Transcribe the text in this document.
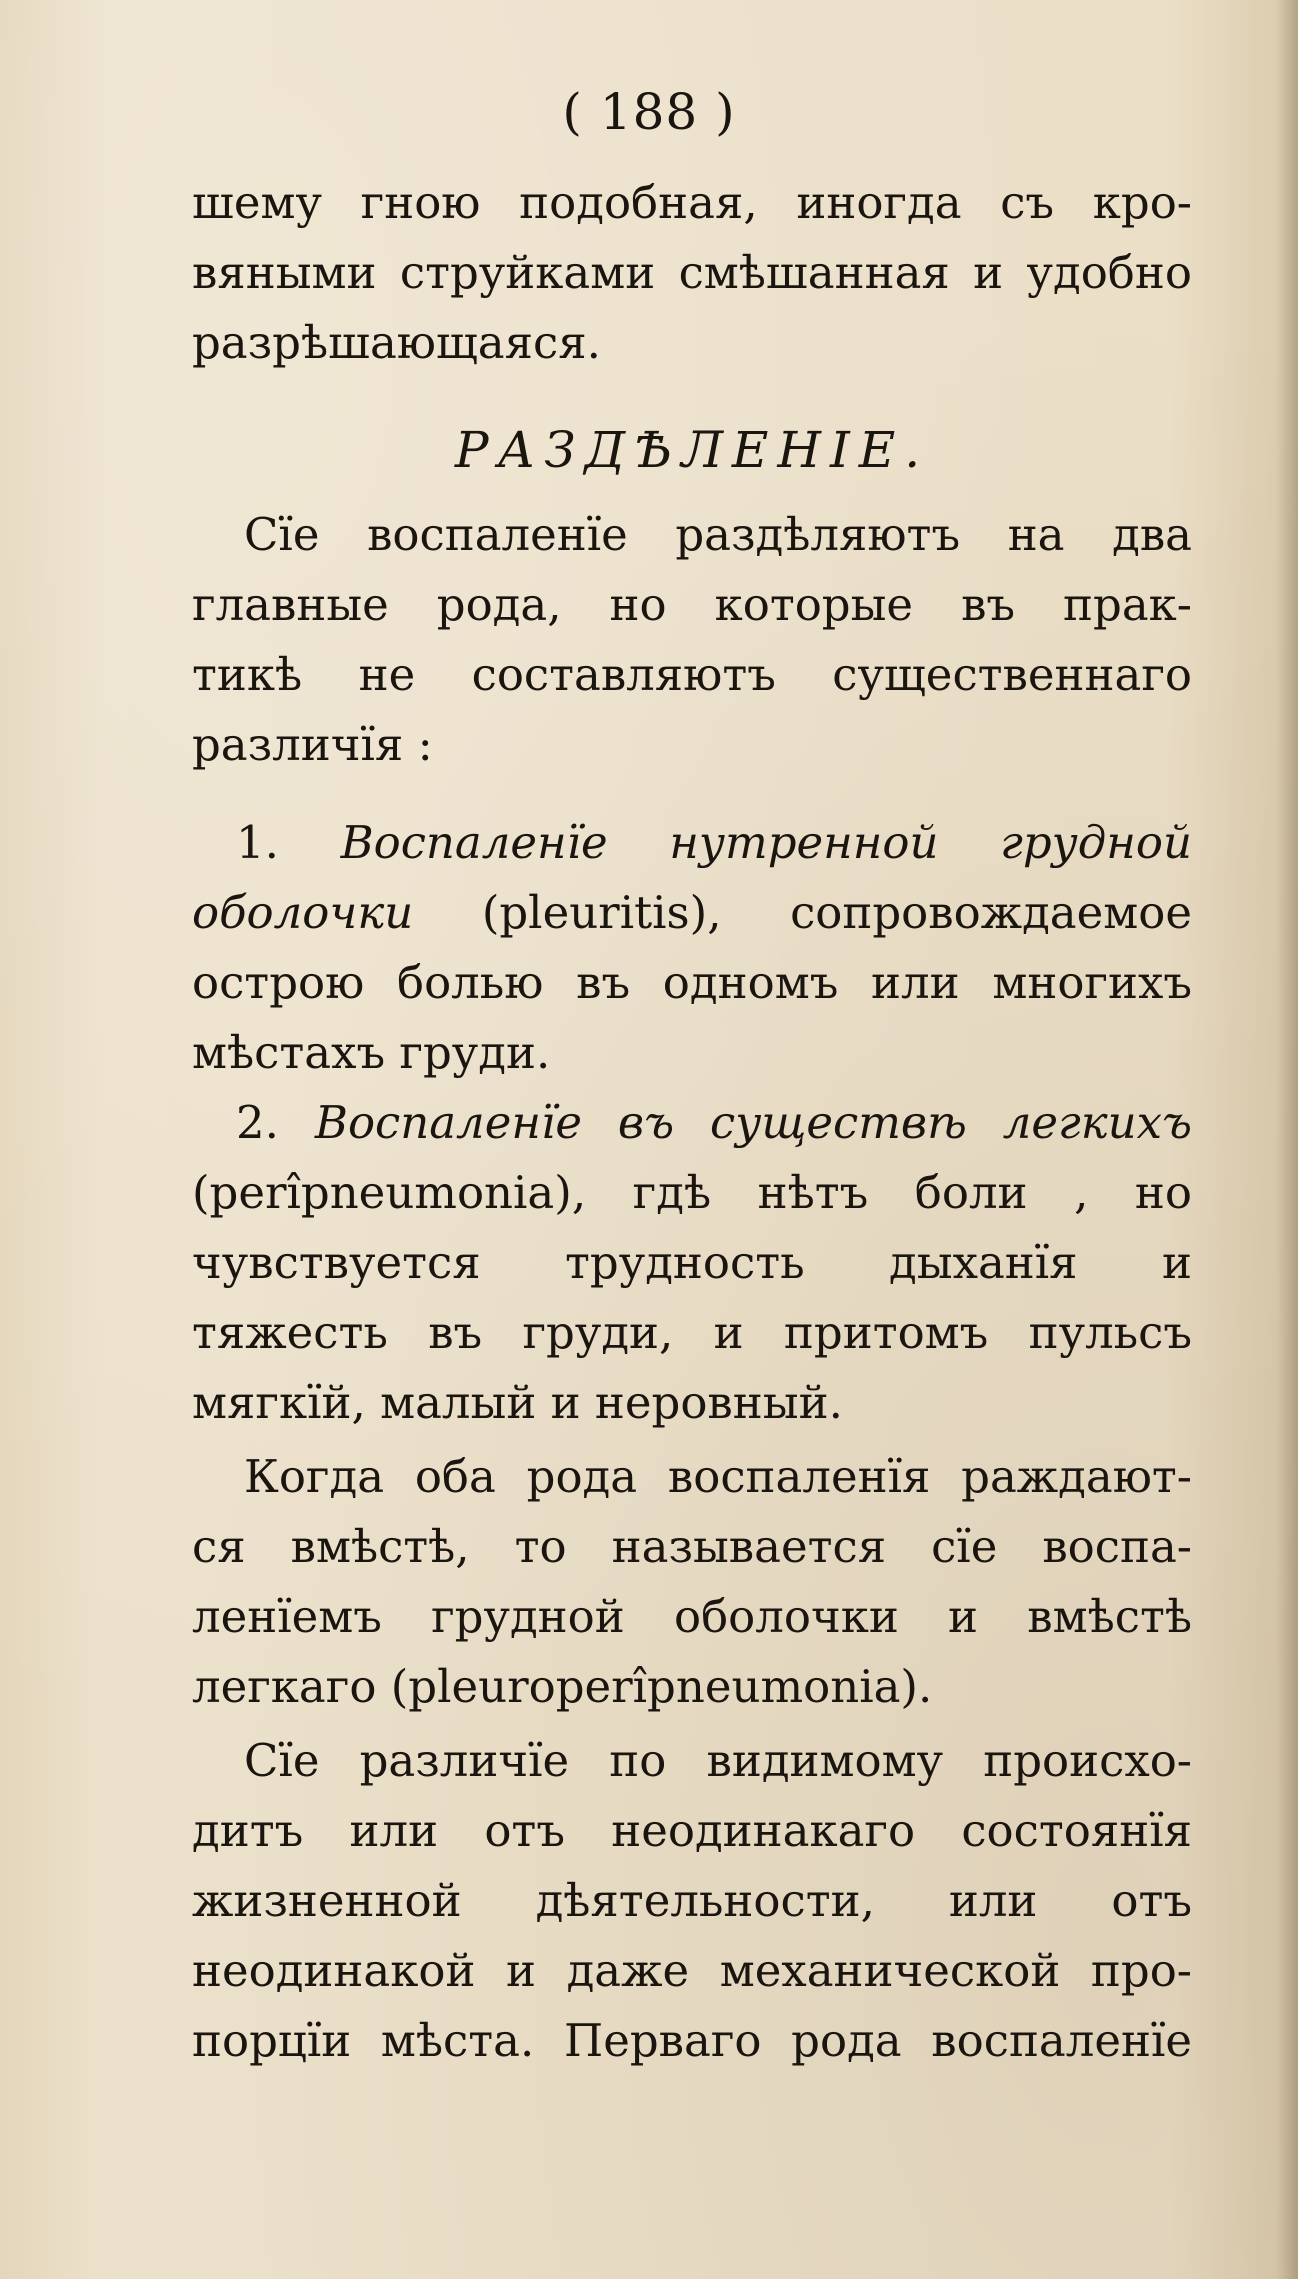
( 188 )
шему гною подобная, иногда съ кро-
вяными струйками смѣшанная и удобно
разрѣшающаяся.
РАЗДѢЛЕНІЕ.
Сїе воспаленїе раздѣляютъ на два
главные рода, но которые въ прак-
тикѣ не составляютъ существеннаго
различїя :
1. Воспаленїе нутренной грудной
оболочки (pleuritis), сопровождаемое
острою болью въ одномъ или многихъ
мѣстахъ груди.
2. Воспаленїе въ существѣ легкихъ
(perîpneumonia), гдѣ нѣтъ боли , но
чувствуется трудность дыханїя и
тяжесть въ груди, и притомъ пульсъ
мягкїй, малый и неровный.
Когда оба рода воспаленїя раждают-
ся вмѣстѣ, то называется сїе воспа-
ленїемъ грудной оболочки и вмѣстѣ
легкаго (pleuroperîpneumonia).
Сїе различїе по видимому происхо-
дитъ или отъ неодинакаго состоянїя
жизненной дѣятельности, или отъ
неодинакой и даже механической про-
порцїи мѣста. Перваго рода воспаленїе
